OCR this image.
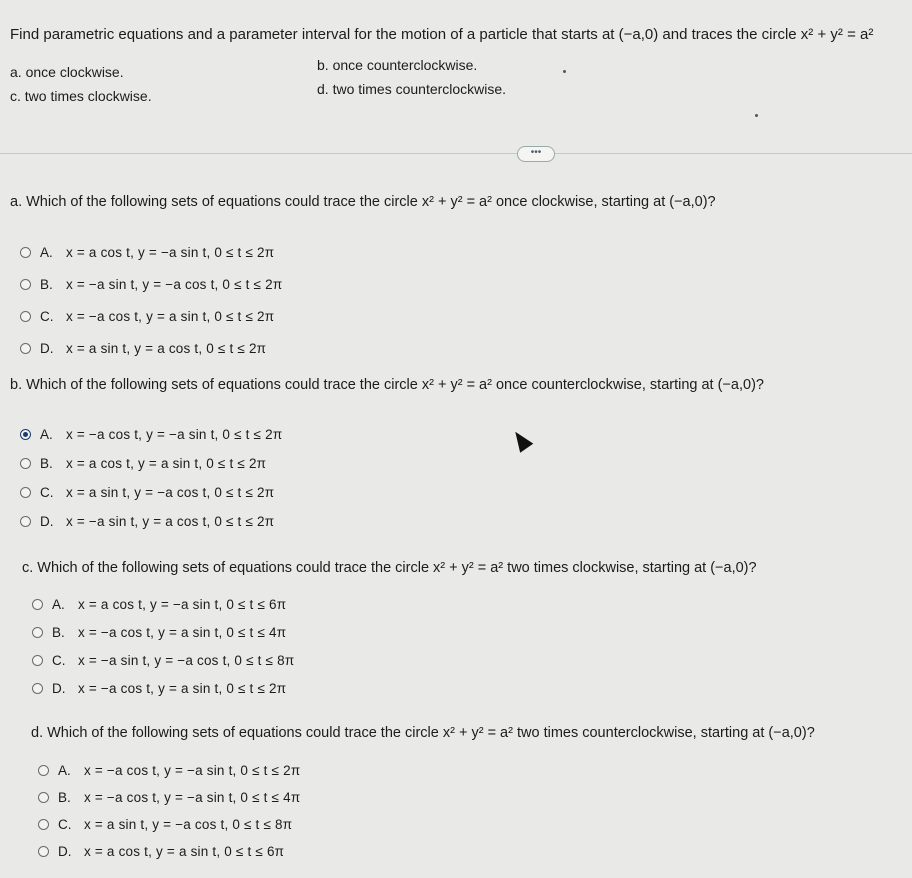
Find parametric equations and a parameter interval for the motion of a particle that starts at (−a,0) and traces the circle x² + y² = a²
a. once clockwise.	b. once counterclockwise.
c. two times clockwise.	d. two times counterclockwise.
•••
a. Which of the following sets of equations could trace the circle x² + y² = a² once clockwise, starting at (−a,0)?
A. x = a cos t, y = −a sin t, 0 ≤ t ≤ 2π
B. x = −a sin t, y = −a cos t, 0 ≤ t ≤ 2π
C. x = −a cos t, y = a sin t, 0 ≤ t ≤ 2π
D. x = a sin t, y = a cos t, 0 ≤ t ≤ 2π
b. Which of the following sets of equations could trace the circle x² + y² = a² once counterclockwise, starting at (−a,0)?
A. x = −a cos t, y = −a sin t, 0 ≤ t ≤ 2π
B. x = a cos t, y = a sin t, 0 ≤ t ≤ 2π
C. x = a sin t, y = −a cos t, 0 ≤ t ≤ 2π
D. x = −a sin t, y = a cos t, 0 ≤ t ≤ 2π
c. Which of the following sets of equations could trace the circle x² + y² = a² two times clockwise, starting at (−a,0)?
A. x = a cos t, y = −a sin t, 0 ≤ t ≤ 6π
B. x = −a cos t, y = a sin t, 0 ≤ t ≤ 4π
C. x = −a sin t, y = −a cos t, 0 ≤ t ≤ 8π
D. x = −a cos t, y = a sin t, 0 ≤ t ≤ 2π
d. Which of the following sets of equations could trace the circle x² + y² = a² two times counterclockwise, starting at (−a,0)?
A. x = −a cos t, y = −a sin t, 0 ≤ t ≤ 2π
B. x = −a cos t, y = −a sin t, 0 ≤ t ≤ 4π
C. x = a sin t, y = −a cos t, 0 ≤ t ≤ 8π
D. x = a cos t, y = a sin t, 0 ≤ t ≤ 6π
